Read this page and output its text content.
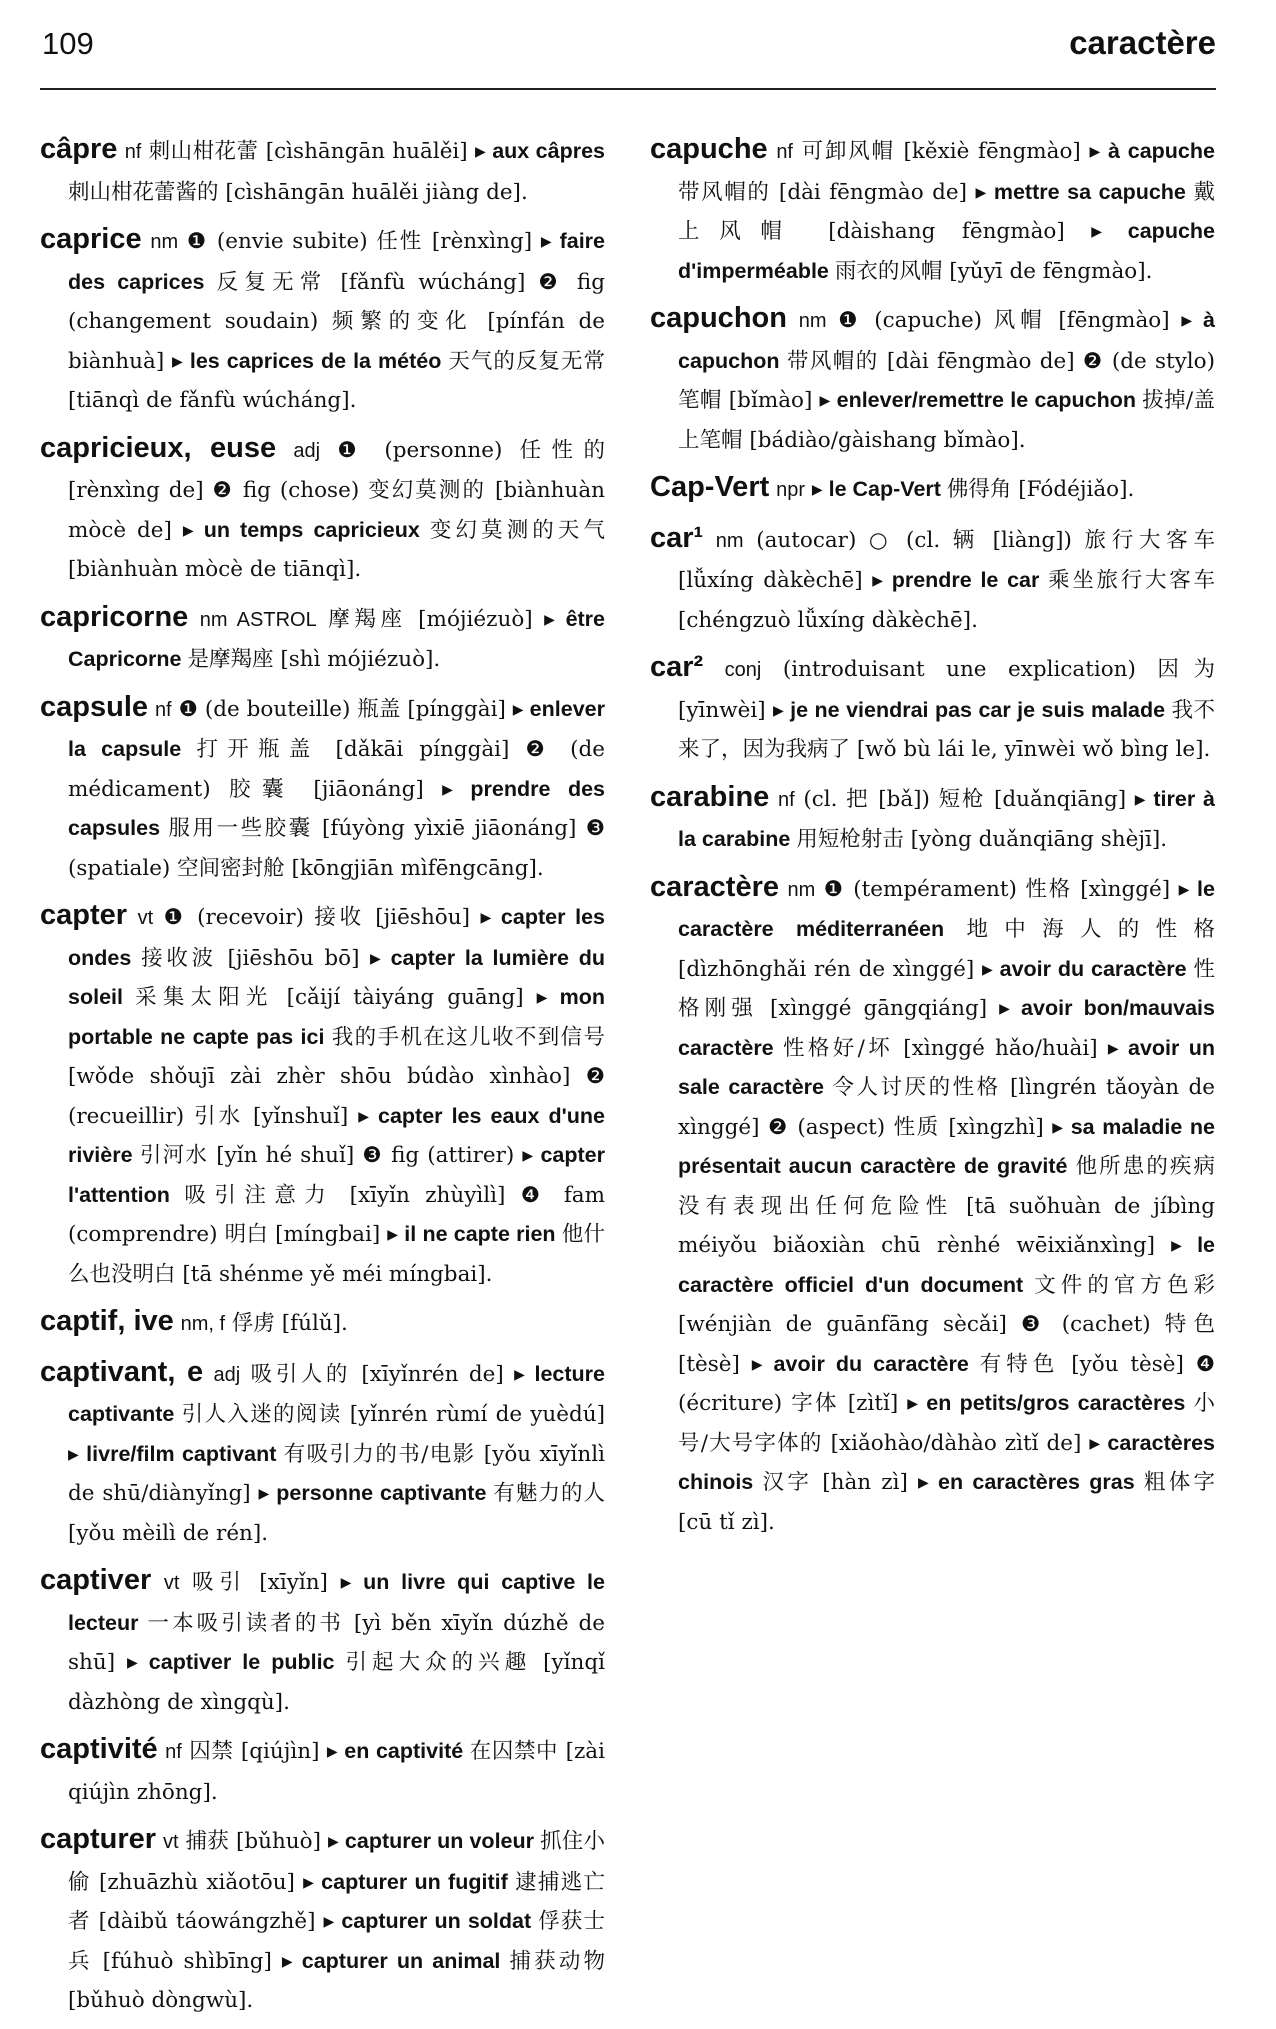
109	caractère
câpre nf 刺山柑花蕾 [cìshāngān huālěi] ▸ aux câpres 刺山柑花蕾酱的 [cìshāngān huālěi jiàng de].
caprice nm ❶ (envie subite) 任性 [rènxìng] ▸ faire des caprices 反复无常 [fǎnfù wúcháng] ❷ fig (changement soudain) 频繁的变化 [pínfán de biànhuà] ▸ les caprices de la météo 天气的反复无常 [tiānqì de fǎnfù wúcháng].
capricieux, euse adj ❶ (personne) 任性的 [rènxìng de] ❷ fig (chose) 变幻莫测的 [biànhuàn mòcè de] ▸ un temps capricieux 变幻莫测的天气 [biànhuàn mòcè de tiānqì].
capricorne nm ASTROL 摩羯座 [mójiézuò] ▸ être Capricorne 是摩羯座 [shì mójiézuò].
capsule nf ❶ (de bouteille) 瓶盖 [pínggài] ▸ enlever la capsule 打开瓶盖 [dǎkāi pínggài] ❷ (de médicament) 胶囊 [jiāonáng] ▸ prendre des capsules 服用一些胶囊 [fúyòng yìxiē jiāonáng] ❸ (spatiale) 空间密封舱 [kōngjiān mìfēngcāng].
capter vt ❶ (recevoir) 接收 [jiēshōu] ▸ capter les ondes 接收波 [jiēshōu bō] ▸ capter la lumière du soleil 采集太阳光 [cǎijí tàiyáng guāng] ▸ mon portable ne capte pas ici 我的手机在这儿收不到信号 [wǒde shǒujī zài zhèr shōu búdào xìnhào] ❷ (recueillir) 引水 [yǐnshuǐ] ▸ capter les eaux d'une rivière 引河水 [yǐn hé shuǐ] ❸ fig (attirer) ▸ capter l'attention 吸引注意力 [xīyǐn zhùyìlì] ❹ fam (comprendre) 明白 [míngbai] ▸ il ne capte rien 他什么也没明白 [tā shénme yě méi míngbai].
captif, ive nm, f 俘虏 [fúlǔ].
captivant, e adj 吸引人的 [xīyǐnrén de] ▸ lecture captivante 引人入迷的阅读 [yǐnrén rùmí de yuèdú] ▸ livre/film captivant 有吸引力的书/电影 [yǒu xīyǐnlì de shū/diànyǐng] ▸ personne captivante 有魅力的人 [yǒu mèilì de rén].
captiver vt 吸引 [xīyǐn] ▸ un livre qui captive le lecteur 一本吸引读者的书 [yì běn xīyǐn dúzhě de shū] ▸ captiver le public 引起大众的兴趣 [yǐnqǐ dàzhòng de xìngqù].
captivité nf 囚禁 [qiújìn] ▸ en captivité 在囚禁中 [zài qiújìn zhōng].
capturer vt 捕获 [bǔhuò] ▸ capturer un voleur 抓住小偷 [zhuāzhù xiǎotōu] ▸ capturer un fugitif 逮捕逃亡者 [dàibǔ táowángzhě] ▸ capturer un soldat 俘获士兵 [fúhuò shìbīng] ▸ capturer un animal 捕获动物 [bǔhuò dòngwù].
capuche nf 可卸风帽 [kěxiè fēngmào] ▸ à capuche 带风帽的 [dài fēngmào de] ▸ mettre sa capuche 戴上风帽 [dàishang fēngmào] ▸ capuche d'imperméable 雨衣的风帽 [yǔyī de fēngmào].
capuchon nm ❶ (capuche) 风帽 [fēngmào] ▸ à capuchon 带风帽的 [dài fēngmào de] ❷ (de stylo) 笔帽 [bǐmào] ▸ enlever/remettre le capuchon 拔掉/盖上笔帽 [bádiào/gàishang bǐmào].
Cap-Vert npr ▸ le Cap-Vert 佛得角 [Fódéjiǎo].
car¹ nm (autocar) ○ (cl. 辆 [liàng]) 旅行大客车 [lǚxíng dàkèchē] ▸ prendre le car 乘坐旅行大客车 [chéngzuò lǚxíng dàkèchē].
car² conj (introduisant une explication) 因为 [yīnwèi] ▸ je ne viendrai pas car je suis malade 我不来了，因为我病了 [wǒ bù lái le, yīnwèi wǒ bìng le].
carabine nf (cl. 把 [bǎ]) 短枪 [duǎnqiāng] ▸ tirer à la carabine 用短枪射击 [yòng duǎnqiāng shèjī].
caractère nm ❶ (tempérament) 性格 [xìnggé] ▸ le caractère méditerranéen 地中海人的性格 [dìzhōnghǎi rén de xìnggé] ▸ avoir du caractère 性格刚强 [xìnggé gāngqiáng] ▸ avoir bon/mauvais caractère 性格好/坏 [xìnggé hǎo/huài] ▸ avoir un sale caractère 令人讨厌的性格 [lìngrén tǎoyàn de xìnggé] ❷ (aspect) 性质 [xìngzhì] ▸ sa maladie ne présentait aucun caractère de gravité 他所患的疾病没有表现出任何危险性 [tā suǒhuàn de jíbìng méiyǒu biǎoxiàn chū rènhé wēixiǎnxìng] ▸ le caractère officiel d'un document 文件的官方色彩 [wénjiàn de guānfāng sècǎi] ❸ (cachet) 特色 [tèsè] ▸ avoir du caractère 有特色 [yǒu tèsè] ❹ (écriture) 字体 [zìtǐ] ▸ en petits/gros caractères 小号/大号字体的 [xiǎohào/dàhào zìtǐ de] ▸ caractères chinois 汉字 [hàn zì] ▸ en caractères gras 粗体字 [cū tǐ zì].
